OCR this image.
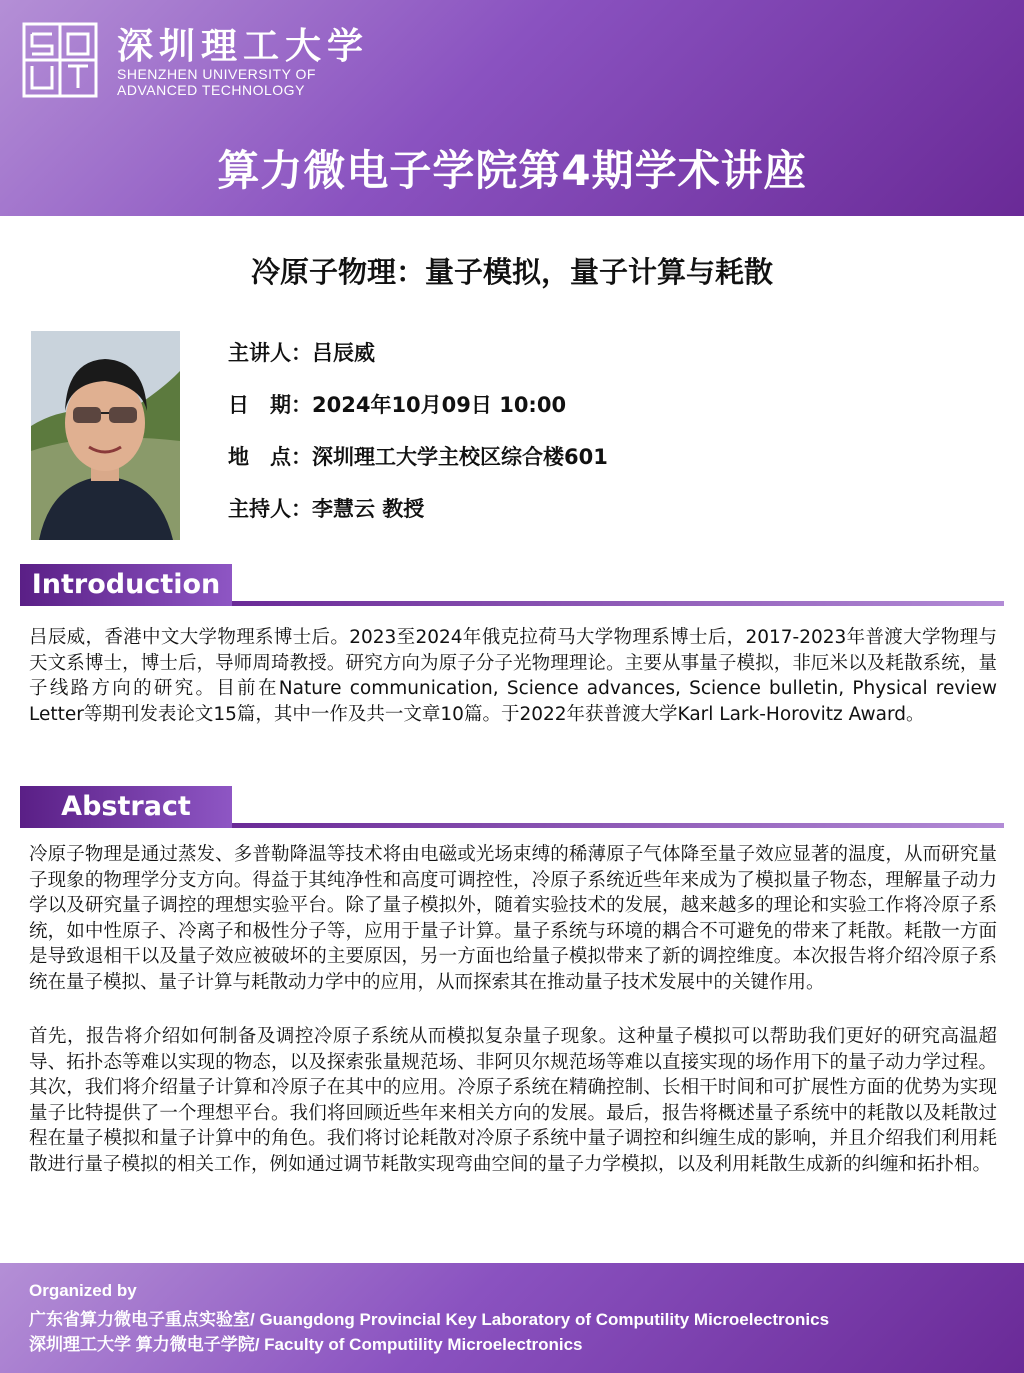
深圳理工大学
SHENZHEN UNIVERSITY OF
ADVANCED TECHNOLOGY
算力微电子学院第4期学术讲座
冷原子物理：量子模拟，量子计算与耗散
主讲人： 吕辰威
日　期： 2024年10月09日 10:00
地　点： 深圳理工大学主校区综合楼601
主持人： 李慧云 教授
Introduction
吕辰威，香港中文大学物理系博士后。2023至2024年俄克拉荷马大学物理系博士后，2017-2023年普渡大学物理与天文系博士，博士后，导师周琦教授。研究方向为原子分子光物理理论。主要从事量子模拟，非厄米以及耗散系统，量子线路方向的研究。目前在Nature communication, Science advances, Science bulletin, Physical review Letter等期刊发表论文15篇，其中一作及共一文章10篇。于2022年获普渡大学Karl Lark-Horovitz Award。
Abstract
冷原子物理是通过蒸发、多普勒降温等技术将由电磁或光场束缚的稀薄原子气体降至量子效应显著的温度，从而研究量子现象的物理学分支方向。得益于其纯净性和高度可调控性，冷原子系统近些年来成为了模拟量子物态，理解量子动力学以及研究量子调控的理想实验平台。除了量子模拟外，随着实验技术的发展，越来越多的理论和实验工作将冷原子系统，如中性原子、冷离子和极性分子等，应用于量子计算。量子系统与环境的耦合不可避免的带来了耗散。耗散一方面是导致退相干以及量子效应被破坏的主要原因，另一方面也给量子模拟带来了新的调控维度。本次报告将介绍冷原子系统在量子模拟、量子计算与耗散动力学中的应用，从而探索其在推动量子技术发展中的关键作用。
首先，报告将介绍如何制备及调控冷原子系统从而模拟复杂量子现象。这种量子模拟可以帮助我们更好的研究高温超导、拓扑态等难以实现的物态，以及探索张量规范场、非阿贝尔规范场等难以直接实现的场作用下的量子动力学过程。其次，我们将介绍量子计算和冷原子在其中的应用。冷原子系统在精确控制、长相干时间和可扩展性方面的优势为实现量子比特提供了一个理想平台。我们将回顾近些年来相关方向的发展。最后，报告将概述量子系统中的耗散以及耗散过程在量子模拟和量子计算中的角色。我们将讨论耗散对冷原子系统中量子调控和纠缠生成的影响，并且介绍我们利用耗散进行量子模拟的相关工作，例如通过调节耗散实现弯曲空间的量子力学模拟，以及利用耗散生成新的纠缠和拓扑相。
Organized by
广东省算力微电子重点实验室/ Guangdong Provincial Key Laboratory of Computility Microelectronics
深圳理工大学 算力微电子学院/ Faculty of Computility Microelectronics
